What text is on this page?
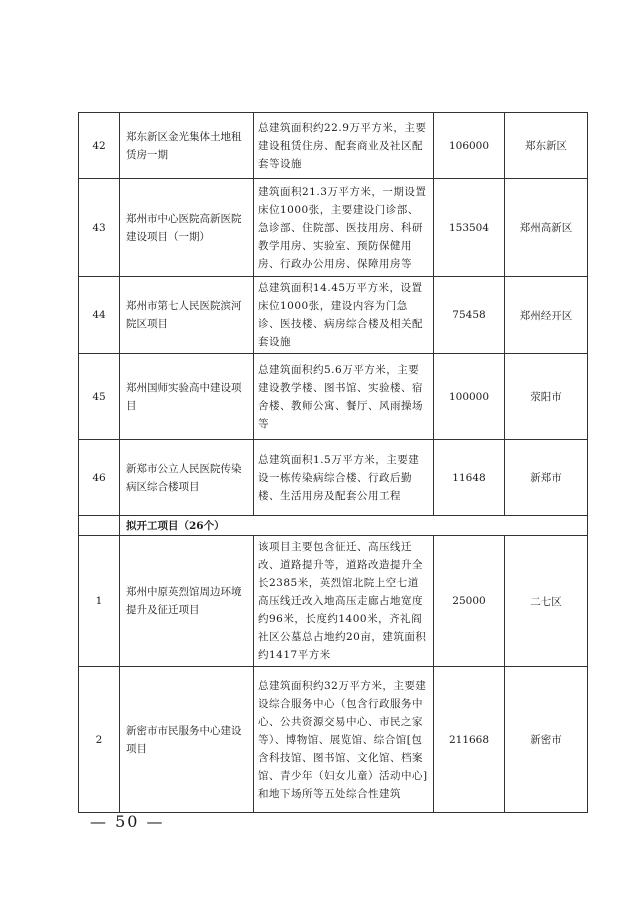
42	郑东新区金光集体土地租赁房一期	总建筑面积约22.9万平方米，主要建设租赁住房、配套商业及社区配套等设施	106000	郑东新区
43	郑州市中心医院高新医院建设项目（一期）	建筑面积21.3万平方米，一期设置床位1000张，主要建设门诊部、急诊部、住院部、医技用房、科研教学用房、实验室、预防保健用房、行政办公用房、保障用房等	153504	郑州高新区
44	郑州市第七人民医院滨河院区项目	总建筑面积14.45万平方米，设置床位1000张，建设内容为门急诊、医技楼、病房综合楼及相关配套设施	75458	郑州经开区
45	郑州国师实验高中建设项目	总建筑面积约5.6万平方米，主要建设教学楼、图书馆、实验楼、宿舍楼、教师公寓、餐厅、风雨操场等	100000	荥阳市
46	新郑市公立人民医院传染病区综合楼项目	总建筑面积1.5万平方米，主要建设一栋传染病综合楼、行政后勤楼、生活用房及配套公用工程	11648	新郑市
	拟开工项目（26个）			
1	郑州中原英烈馆周边环境提升及征迁项目	该项目主要包含征迁、高压线迁改、道路提升等，道路改造提升全长2385米，英烈馆北院上空七道高压线迁改入地高压走廊占地宽度约96米，长度约1400米，齐礼阎社区公墓总占地约20亩，建筑面积约1417平方米	25000	二七区
2	新密市市民服务中心建设项目	总建筑面积约32万平方米，主要建设综合服务中心（包含行政服务中心、公共资源交易中心、市民之家等）、博物馆、展览馆、综合馆[包含科技馆、图书馆、文化馆、档案馆、青少年（妇女儿童）活动中心]和地下场所等五处综合性建筑	211668	新密市
— 50 —
